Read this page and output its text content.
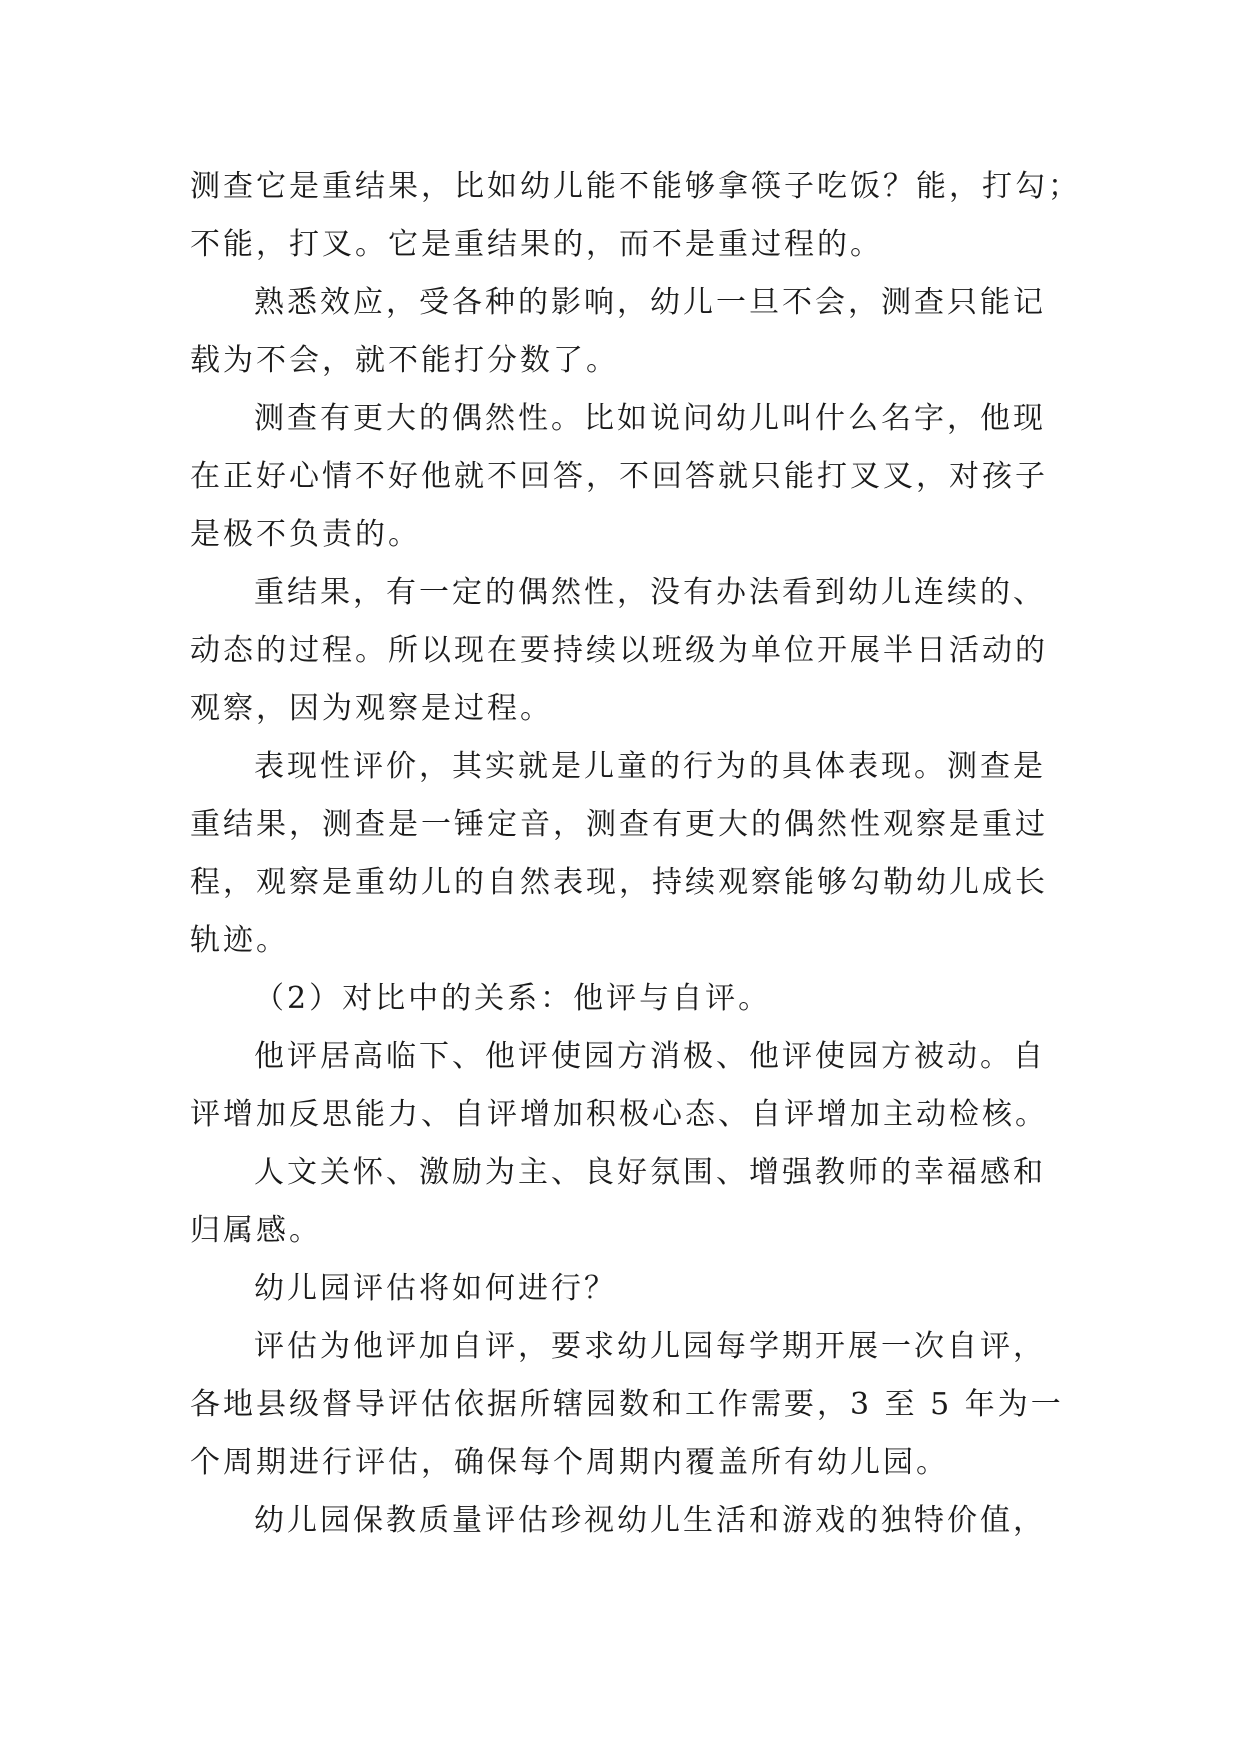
测查它是重结果，比如幼儿能不能够拿筷子吃饭？能，打勾；
不能，打叉。它是重结果的，而不是重过程的。

熟悉效应，受各种的影响，幼儿一旦不会，测查只能记
载为不会，就不能打分数了。

测查有更大的偶然性。比如说问幼儿叫什么名字，他现
在正好心情不好他就不回答，不回答就只能打叉叉，对孩子
是极不负责的。

重结果，有一定的偶然性，没有办法看到幼儿连续的、
动态的过程。所以现在要持续以班级为单位开展半日活动的
观察，因为观察是过程。

表现性评价，其实就是儿童的行为的具体表现。测查是
重结果，测查是一锤定音，测查有更大的偶然性观察是重过
程，观察是重幼儿的自然表现，持续观察能够勾勒幼儿成长
轨迹。

（2）对比中的关系：他评与自评。

他评居高临下、他评使园方消极、他评使园方被动。自
评增加反思能力、自评增加积极心态、自评增加主动检核。

人文关怀、激励为主、良好氛围、增强教师的幸福感和
归属感。

幼儿园评估将如何进行？

评估为他评加自评，要求幼儿园每学期开展一次自评，
各地县级督导评估依据所辖园数和工作需要，3 至 5 年为一
个周期进行评估，确保每个周期内覆盖所有幼儿园。

幼儿园保教质量评估珍视幼儿生活和游戏的独特价值，
